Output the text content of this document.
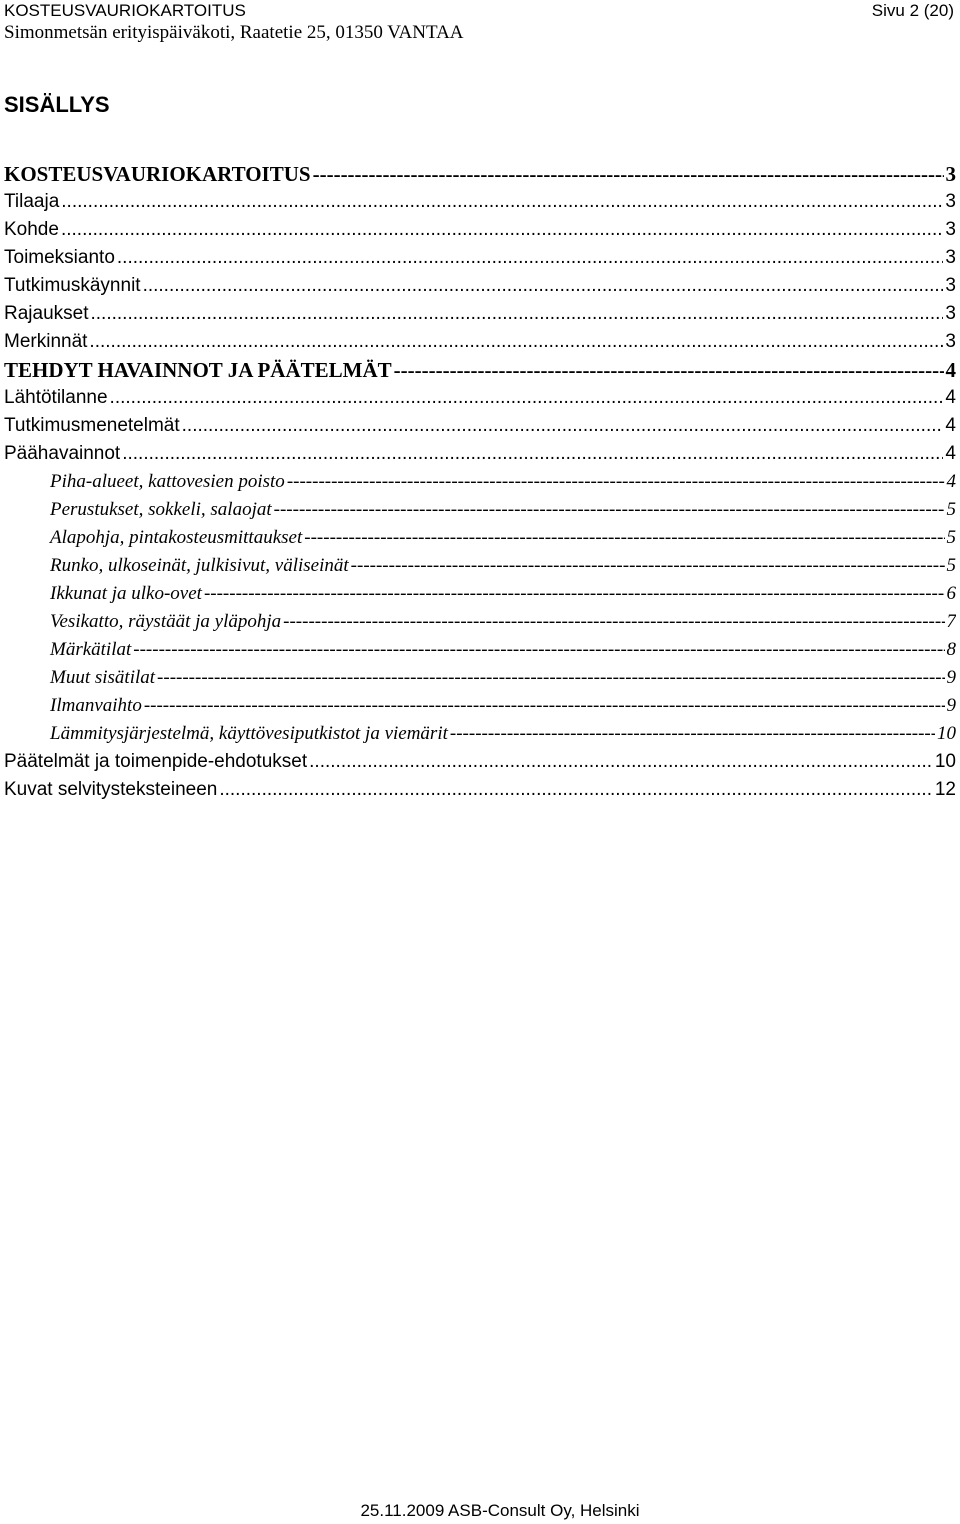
KOSTEUSVAURIOKARTOITUS	Sivu 2 (20)
Simonmetsän erityispäiväkoti, Raatetie 25, 01350 VANTAA
SISÄLLYS
KOSTEUSVAURIOKARTOITUS -----	3
Tilaaja .....	3
Kohde .....	3
Toimeksianto .....	3
Tutkimuskäynnit .....	3
Rajaukset .....	3
Merkinnät .....	3
TEHDYT HAVAINNOT JA PÄÄTELMÄT -----	4
Lähtötilanne .....	4
Tutkimusmenetelmät .....	4
Päähavainnot .....	4
Piha-alueet, kattovesien poisto -----	4
Perustukset, sokkeli, salaojat -----	5
Alapohja, pintakosteusmittaukset -----	5
Runko, ulkoseinät, julkisivut, väliseinät -----	5
Ikkunat ja ulko-ovet -----	6
Vesikatto, räystäät ja yläpohja -----	7
Märkätilat -----	8
Muut sisätilat -----	9
Ilmanvaihto -----	9
Lämmitysjärjestelmä, käyttövesiputkistot ja viemärit -----	10
Päätelmät ja toimenpide-ehdotukset .....	10
Kuvat selvitysteksteineen .....	12
25.11.2009 ASB-Consult Oy, Helsinki
